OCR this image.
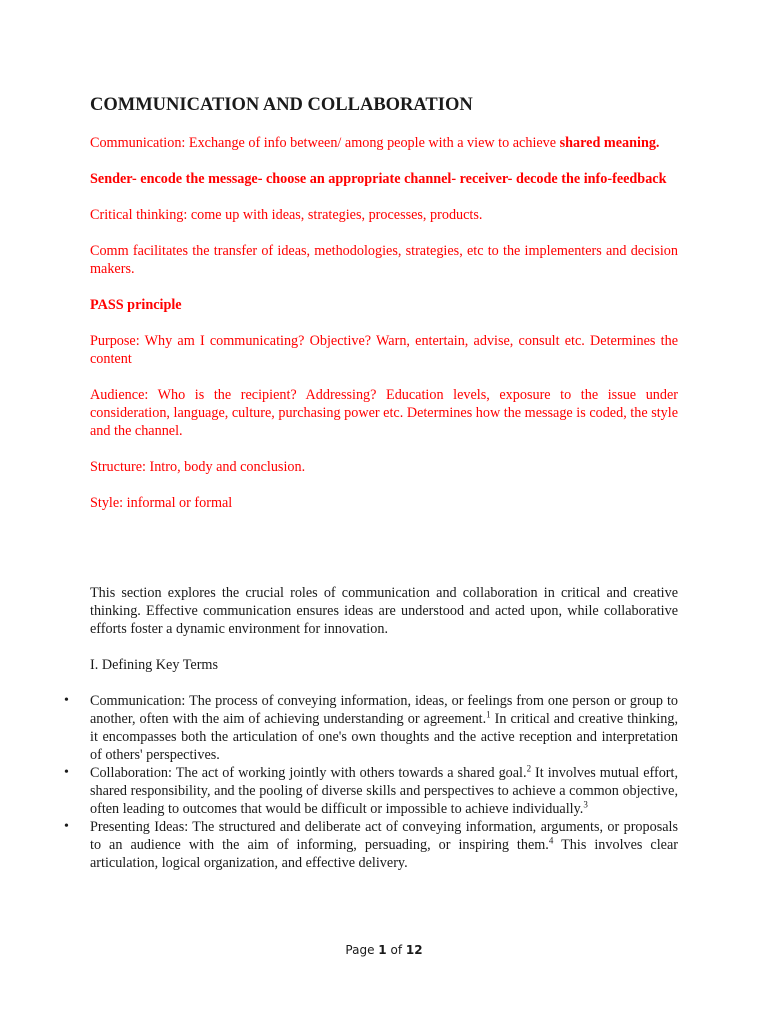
COMMUNICATION AND COLLABORATION

Communication: Exchange of info between/ among people with a view to achieve shared meaning.

Sender- encode the message- choose an appropriate channel- receiver- decode the info-feedback

Critical thinking: come up with ideas, strategies, processes, products.

Comm facilitates the transfer of ideas, methodologies, strategies, etc to the implementers and decision makers.

PASS principle

Purpose: Why am I communicating? Objective? Warn, entertain, advise, consult etc. Determines the content

Audience: Who is the recipient? Addressing? Education levels, exposure to the issue under consideration, language, culture, purchasing power etc. Determines how the message is coded, the style and the channel.

Structure: Intro, body and conclusion.

Style: informal or formal

This section explores the crucial roles of communication and collaboration in critical and creative thinking. Effective communication ensures ideas are understood and acted upon, while collaborative efforts foster a dynamic environment for innovation.

I. Defining Key Terms

• Communication: The process of conveying information, ideas, or feelings from one person or group to another, often with the aim of achieving understanding or agreement.$^1$ In critical and creative thinking, it encompasses both the articulation of one's own thoughts and the active reception and interpretation of others' perspectives.
• Collaboration: The act of working jointly with others towards a shared goal.$^2$ It involves mutual effort, shared responsibility, and the pooling of diverse skills and perspectives to achieve a common objective, often leading to outcomes that would be difficult or impossible to achieve individually.$^3$
• Presenting Ideas: The structured and deliberate act of conveying information, arguments, or proposals to an audience with the aim of informing, persuading, or inspiring them.$^4$ This involves clear articulation, logical organization, and effective delivery.
Page 1 of 12
